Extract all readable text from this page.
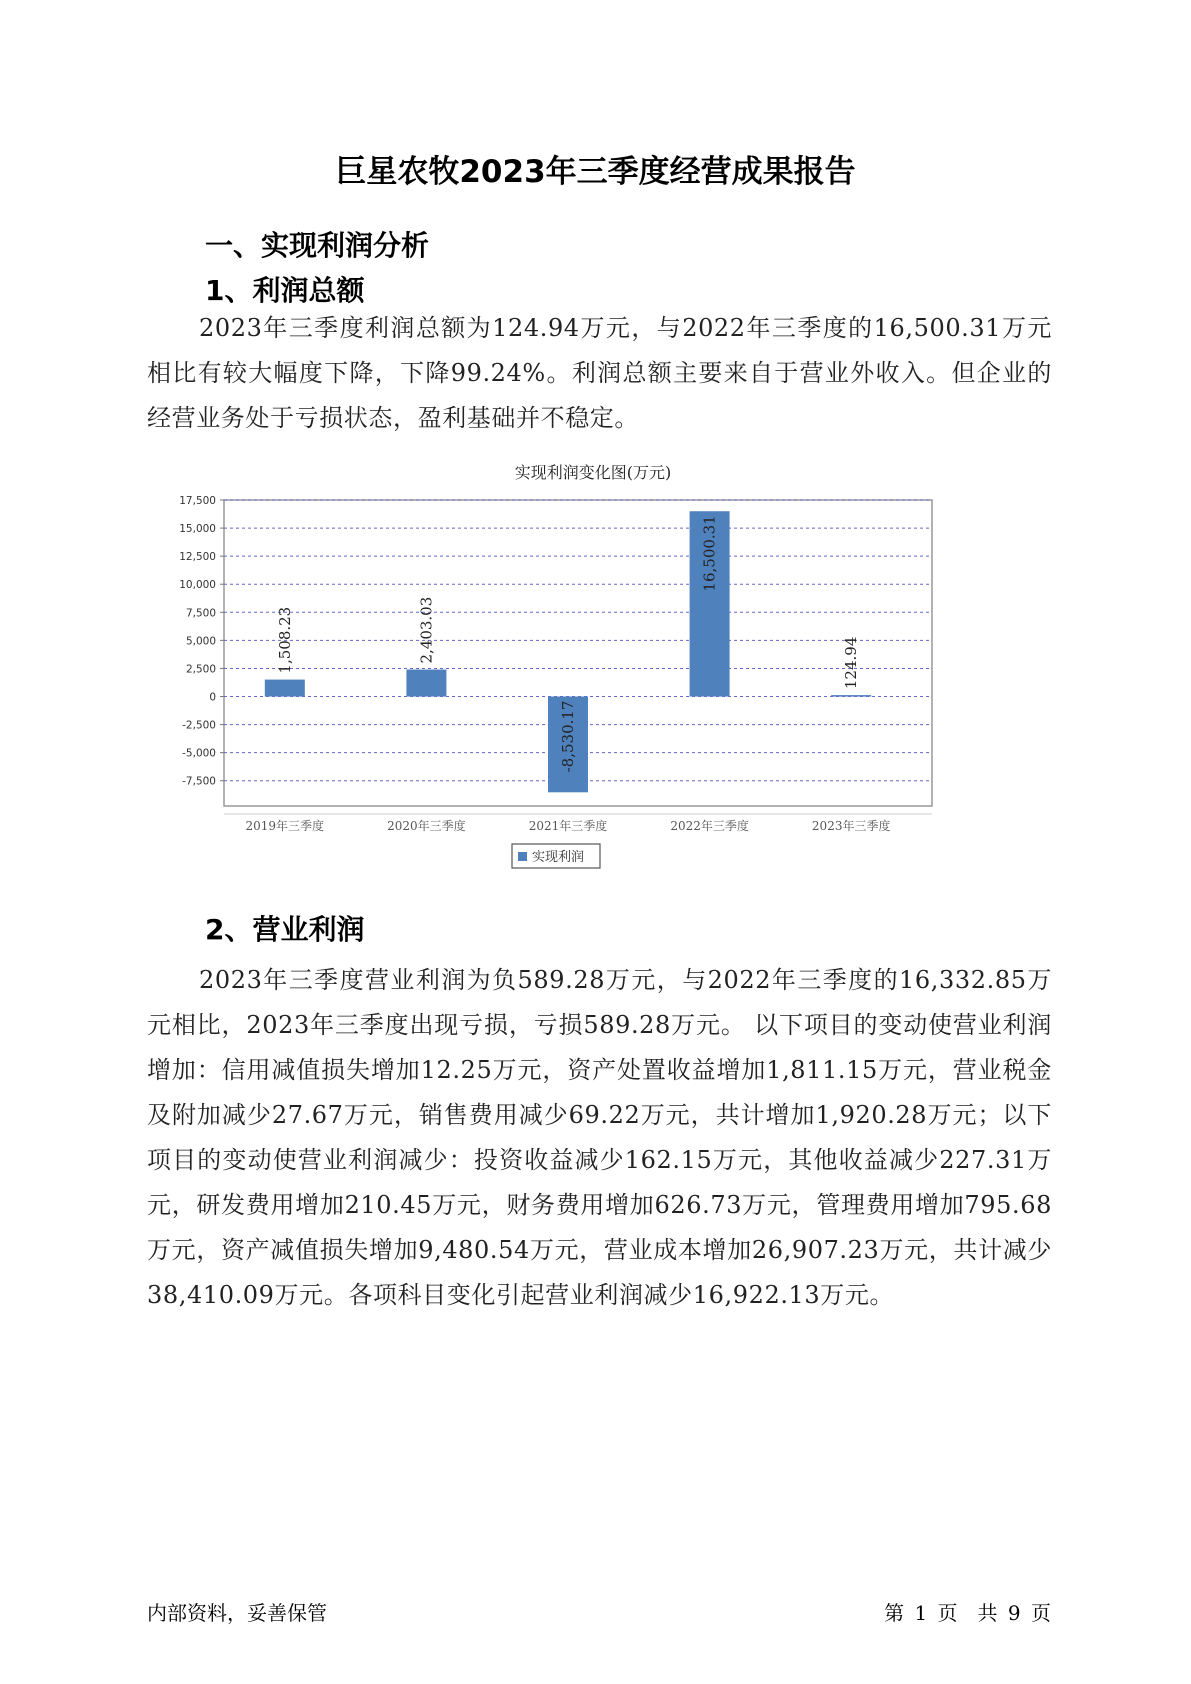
巨星农牧2023年三季度经营成果报告
一、实现利润分析
1、利润总额

2023年三季度利润总额为124.94万元，与2022年三季度的16,500.31万元相比有较大幅度下降，下降99.24%。利润总额主要来自于营业外收入。但企业的经营业务处于亏损状态，盈利基础并不稳定。

实现利润变化图(万元)
17,500
15,000
12,500
10,000
7,500
5,000
2,500
0
-2,500
-5,000
-7,500
1,508.23
2019年三季度
2,403.03
2020年三季度
-8,530.17
2021年三季度
16,500.31
2022年三季度
124.94
2023年三季度
实现利润
2、营业利润

2023年三季度营业利润为负589.28万元，与2022年三季度的16,332.85万元相比，2023年三季度出现亏损，亏损589.28万元。 以下项目的变动使营业利润增加：信用减值损失增加12.25万元，资产处置收益增加1,811.15万元，营业税金及附加减少27.67万元，销售费用减少69.22万元，共计增加1,920.28万元；以下项目的变动使营业利润减少：投资收益减少162.15万元，其他收益减少227.31万元，研发费用增加210.45万元，财务费用增加626.73万元，管理费用增加795.68万元，资产减值损失增加9,480.54万元，营业成本增加26,907.23万元，共计减少38,410.09万元。各项科目变化引起营业利润减少16,922.13万元。

内部资料，妥善保管	第 1 页　共 9 页
